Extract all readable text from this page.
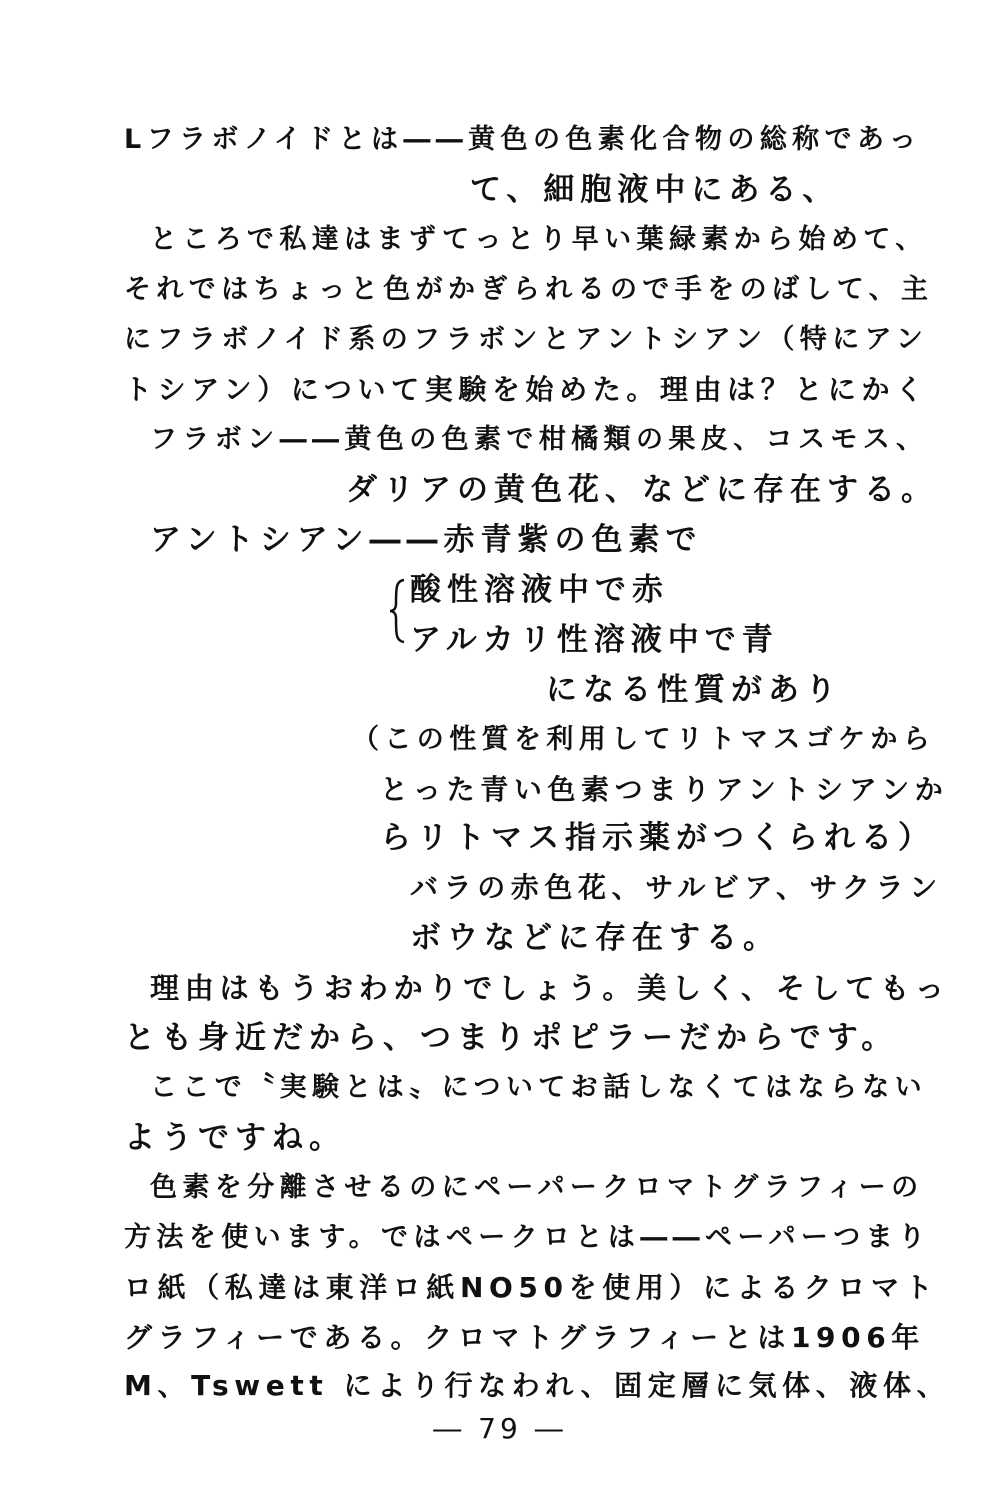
Lフラボノイドとは――黄色の色素化合物の総称であっ
て、細胞液中にある、
ところで私達はまずてっとり早い葉緑素から始めて、
それではちょっと色がかぎられるので手をのばして、主
にフラボノイド系のフラボンとアントシアン（特にアン
トシアン）について実験を始めた。理由は？とにかく
フラボン――黄色の色素で柑橘類の果皮、コスモス、
ダリアの黄色花、などに存在する。
アントシアン――赤青紫の色素で
酸性溶液中で赤
アルカリ性溶液中で青
になる性質があり
（この性質を利用してリトマスゴケから
とった青い色素つまりアントシアンか
らリトマス指示薬がつくられる）
バラの赤色花、サルビア、サクラン
ボウなどに存在する。
理由はもうおわかりでしょう。美しく、そしてもっ
とも身近だから、つまりポピラーだからです。
ここで〝実験とは〟についてお話しなくてはならない
ようですね。
色素を分離させるのにペーパークロマトグラフィーの
方法を使います。ではペークロとは――ペーパーつまり
ロ紙（私達は東洋ロ紙NO50を使用）によるクロマト
グラフィーである。クロマトグラフィーとは1906年
M、Tswett により行なわれ、固定層に気体、液体、
― 79 ―
